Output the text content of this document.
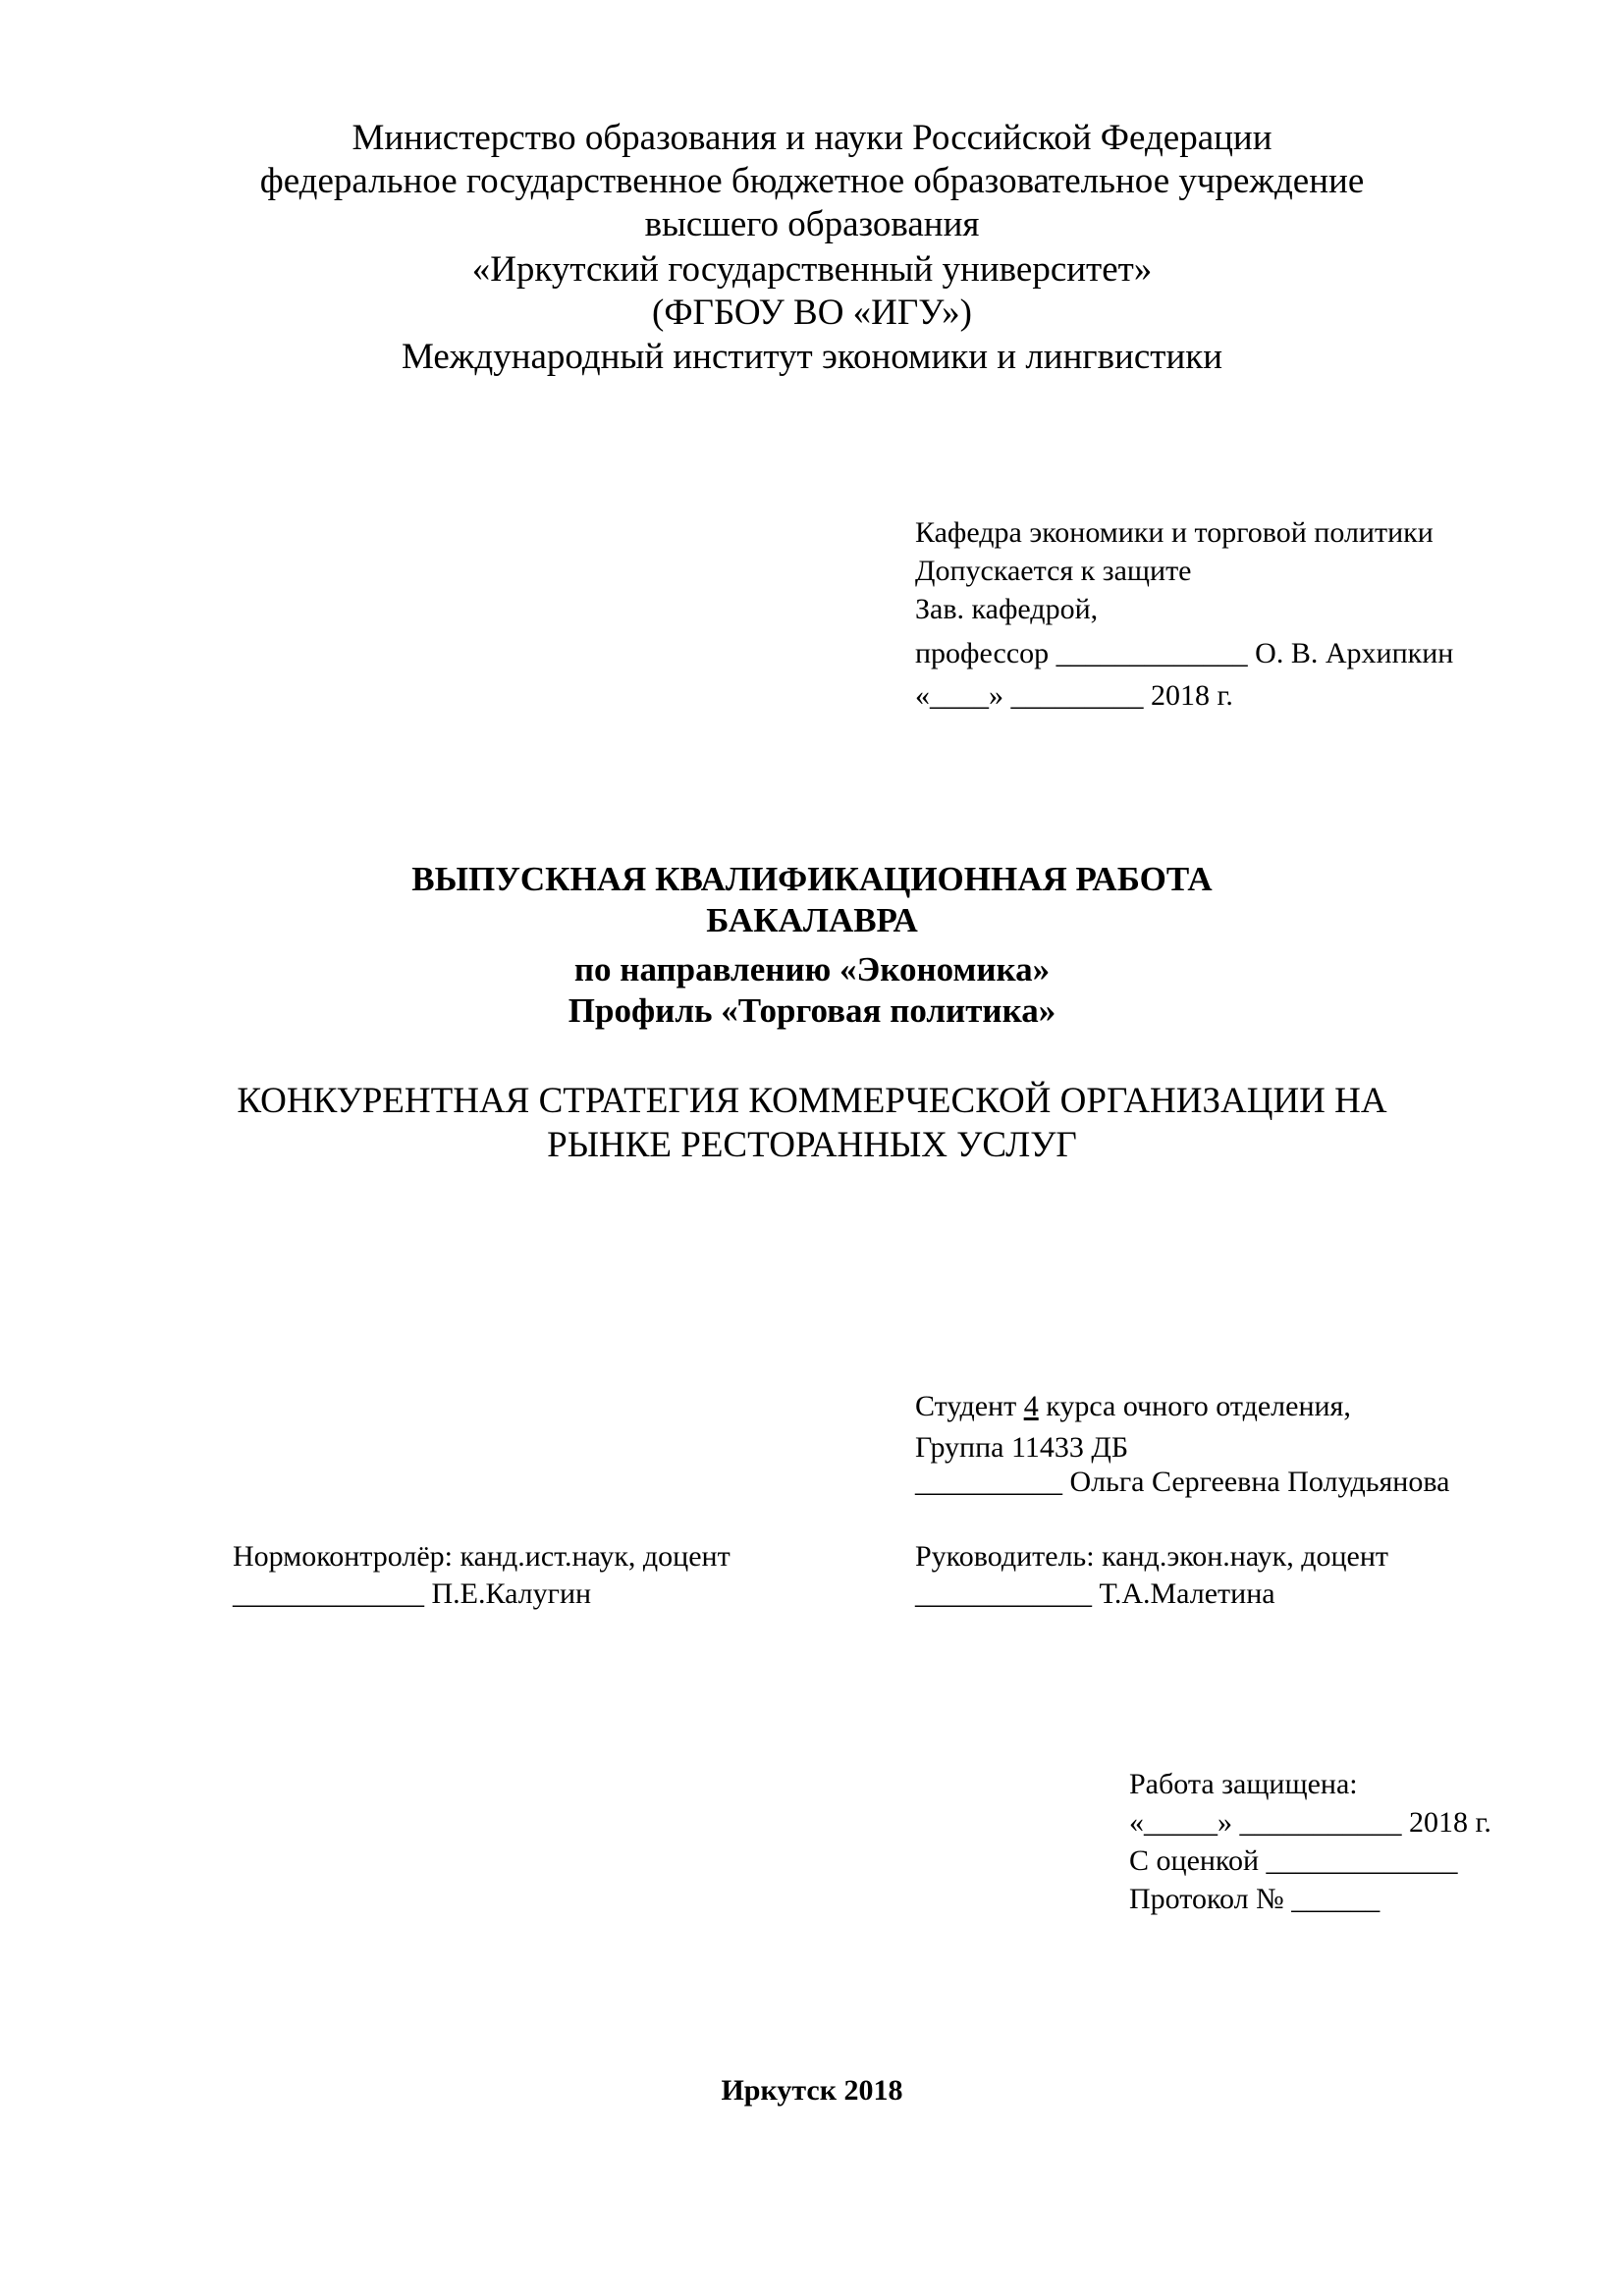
Министерство образования и науки Российской Федерации
федеральное государственное бюджетное образовательное учреждение
высшего образования
«Иркутский государственный университет»
(ФГБОУ ВО «ИГУ»)
Международный институт экономики и лингвистики
Кафедра экономики и торговой политики
Допускается к защите
Зав. кафедрой,
профессор _____________ О. В. Архипкин
«____» _________ 2018 г.
ВЫПУСКНАЯ КВАЛИФИКАЦИОННАЯ РАБОТА
БАКАЛАВРА
по направлению «Экономика»
Профиль «Торговая политика»
КОНКУРЕНТНАЯ СТРАТЕГИЯ КОММЕРЧЕСКОЙ ОРГАНИЗАЦИИ НА
РЫНКЕ РЕСТОРАННЫХ УСЛУГ
Студент 4 курса очного отделения,
Группа 11433 ДБ
__________ Ольга Сергеевна Полудьянова
Нормоконтролёр: канд.ист.наук, доцент
_____________ П.Е.Калугин
Руководитель: канд.экон.наук, доцент
____________ Т.А.Малетина
Работа защищена:
«_____» ___________ 2018 г.
С оценкой _____________
Протокол № ______
Иркутск 2018
